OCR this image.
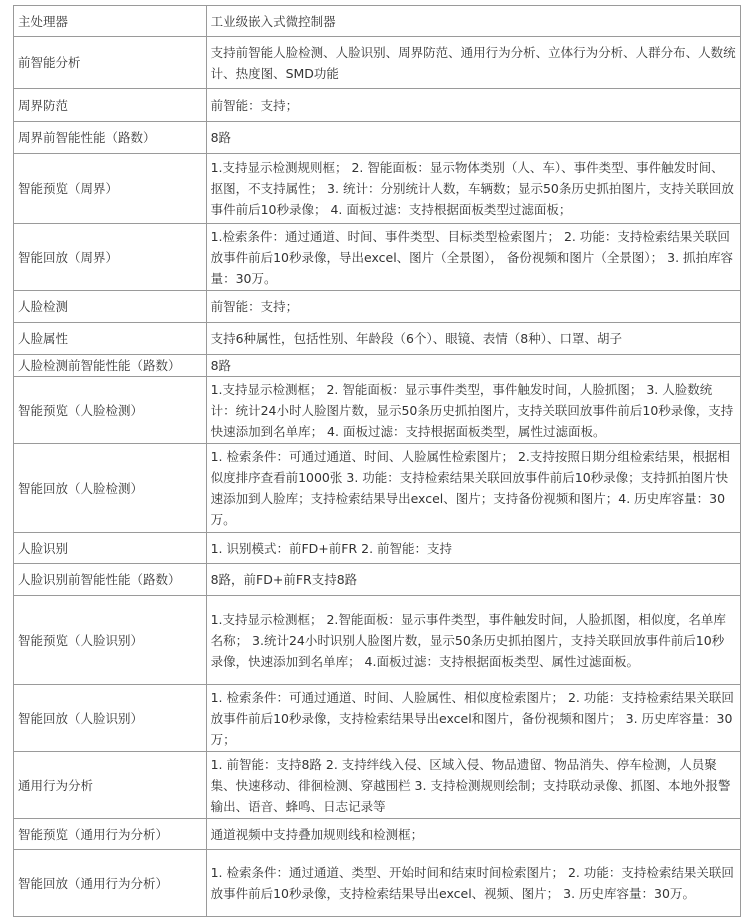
主处理器	工业级嵌入式微控制器
前智能分析	支持前智能人脸检测、人脸识别、周界防范、通用行为分析、立体行为分析、人群分布、人数统计、热度图、SMD功能
周界防范	前智能：支持；
周界前智能性能（路数）	8路
智能预览（周界）	1.支持显示检测规则框； 2. 智能面板：显示物体类别（人、车）、事件类型、事件触发时间、抠图，不支持属性； 3. 统计：分别统计人数，车辆数；显示50条历史抓拍图片，支持关联回放事件前后10秒录像； 4. 面板过滤：支持根据面板类型过滤面板；
智能回放（周界）	1.检索条件：通过通道、时间、事件类型、目标类型检索图片； 2. 功能：支持检索结果关联回放事件前后10秒录像，导出excel、图片（全景图）， 备份视频和图片（全景图）； 3. 抓拍库容量：30万。
人脸检测	前智能：支持；
人脸属性	支持6种属性，包括性别、年龄段（6个）、眼镜、表情（8种）、口罩、胡子
人脸检测前智能性能（路数）	8路
智能预览（人脸检测）	1.支持显示检测框； 2. 智能面板：显示事件类型，事件触发时间，人脸抓图； 3. 人脸数统计：统计24小时人脸图片数，显示50条历史抓拍图片，支持关联回放事件前后10秒录像，支持快速添加到名单库； 4. 面板过滤：支持根据面板类型，属性过滤面板。
智能回放（人脸检测）	1. 检索条件：可通过通道、时间、人脸属性检索图片； 2.支持按照日期分组检索结果，根据相似度排序查看前1000张 3. 功能：支持检索结果关联回放事件前后10秒录像；支持抓拍图片快速添加到人脸库；支持检索结果导出excel、图片；支持备份视频和图片；4. 历史库容量：30万。
人脸识别	1. 识别模式：前FD+前FR 2. 前智能：支持
人脸识别前智能性能（路数）	8路，前FD+前FR支持8路
智能预览（人脸识别）	1.支持显示检测框； 2.智能面板：显示事件类型，事件触发时间，人脸抓图，相似度，名单库名称； 3.统计24小时识别人脸图片数，显示50条历史抓拍图片，支持关联回放事件前后10秒录像，快速添加到名单库； 4.面板过滤：支持根据面板类型、属性过滤面板。
智能回放（人脸识别）	1. 检索条件：可通过通道、时间、人脸属性、相似度检索图片； 2. 功能：支持检索结果关联回放事件前后10秒录像，支持检索结果导出excel和图片，备份视频和图片； 3. 历史库容量：30万；
通用行为分析	1. 前智能：支持8路 2. 支持绊线入侵、区域入侵、物品遗留、物品消失、停车检测，人员聚集、快速移动、徘徊检测、穿越围栏 3. 支持检测规则绘制；支持联动录像、抓图、本地外报警输出、语音、蜂鸣、日志记录等
智能预览（通用行为分析）	通道视频中支持叠加规则线和检测框；
智能回放（通用行为分析）	1. 检索条件：通过通道、类型、开始时间和结束时间检索图片； 2. 功能：支持检索结果关联回放事件前后10秒录像，支持检索结果导出excel、视频、图片； 3. 历史库容量：30万。
